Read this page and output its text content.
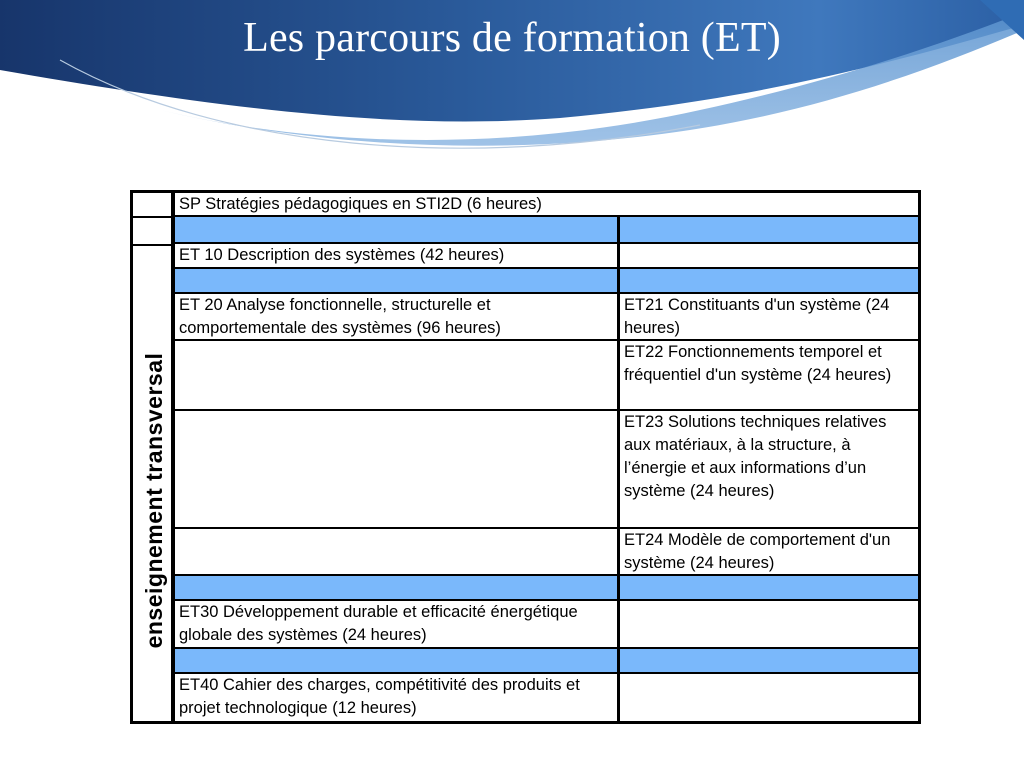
Les parcours de formation (ET)
enseignement transversal
SP Stratégies pédagogiques en STI2D (6 heures)
ET 10 Description des systèmes (42 heures)
ET 20 Analyse fonctionnelle, structurelle et comportementale des systèmes (96 heures)
ET21 Constituants d'un système (24 heures)
ET22 Fonctionnements temporel et fréquentiel d'un système (24 heures)
ET23 Solutions techniques relatives aux matériaux, à la structure, à l’énergie et aux informations d’un système (24 heures)
ET24 Modèle de comportement d'un système (24 heures)
ET30 Développement durable et efficacité énergétique globale des systèmes (24 heures)
ET40 Cahier des charges, compétitivité des produits et projet technologique (12 heures)
